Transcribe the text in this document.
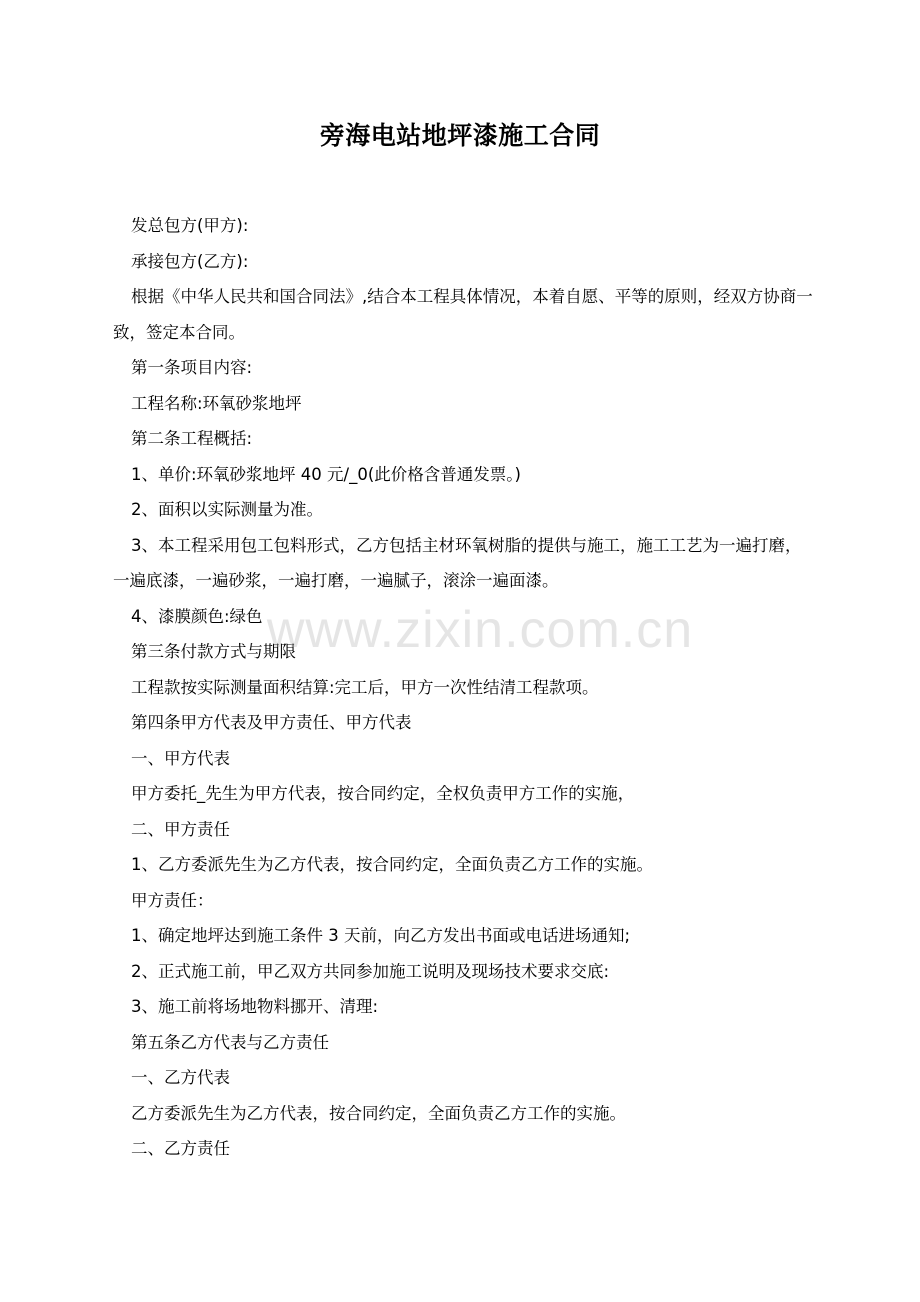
旁海电站地坪漆施工合同

发总包方(甲方):

承接包方(乙方):

根据《中华人民共和国合同法》,结合本工程具体情况，本着自愿、平等的原则，经双方协商一致，签定本合同。

第一条项目内容:

工程名称:环氧砂浆地坪

第二条工程概括:

1、单价:环氧砂浆地坪 40 元/_0(此价格含普通发票。)

2、面积以实际测量为准。

3、本工程采用包工包料形式，乙方包括主材环氧树脂的提供与施工，施工工艺为一遍打磨，一遍底漆，一遍砂浆，一遍打磨，一遍腻子，滚涂一遍面漆。

4、漆膜颜色:绿色

第三条付款方式与期限

工程款按实际测量面积结算:完工后，甲方一次性结清工程款项。

第四条甲方代表及甲方责任、甲方代表

一、甲方代表

甲方委托_先生为甲方代表，按合同约定，全权负责甲方工作的实施，

二、甲方责任

1、乙方委派先生为乙方代表，按合同约定，全面负责乙方工作的实施。

甲方责任：

1、确定地坪达到施工条件 3 天前，向乙方发出书面或电话进场通知;

2、正式施工前，甲乙双方共同参加施工说明及现场技术要求交底:

3、施工前将场地物料挪开、清理:

第五条乙方代表与乙方责任

一、乙方代表

乙方委派先生为乙方代表，按合同约定，全面负责乙方工作的实施。

二、乙方责任

www.zixin.com.cn
